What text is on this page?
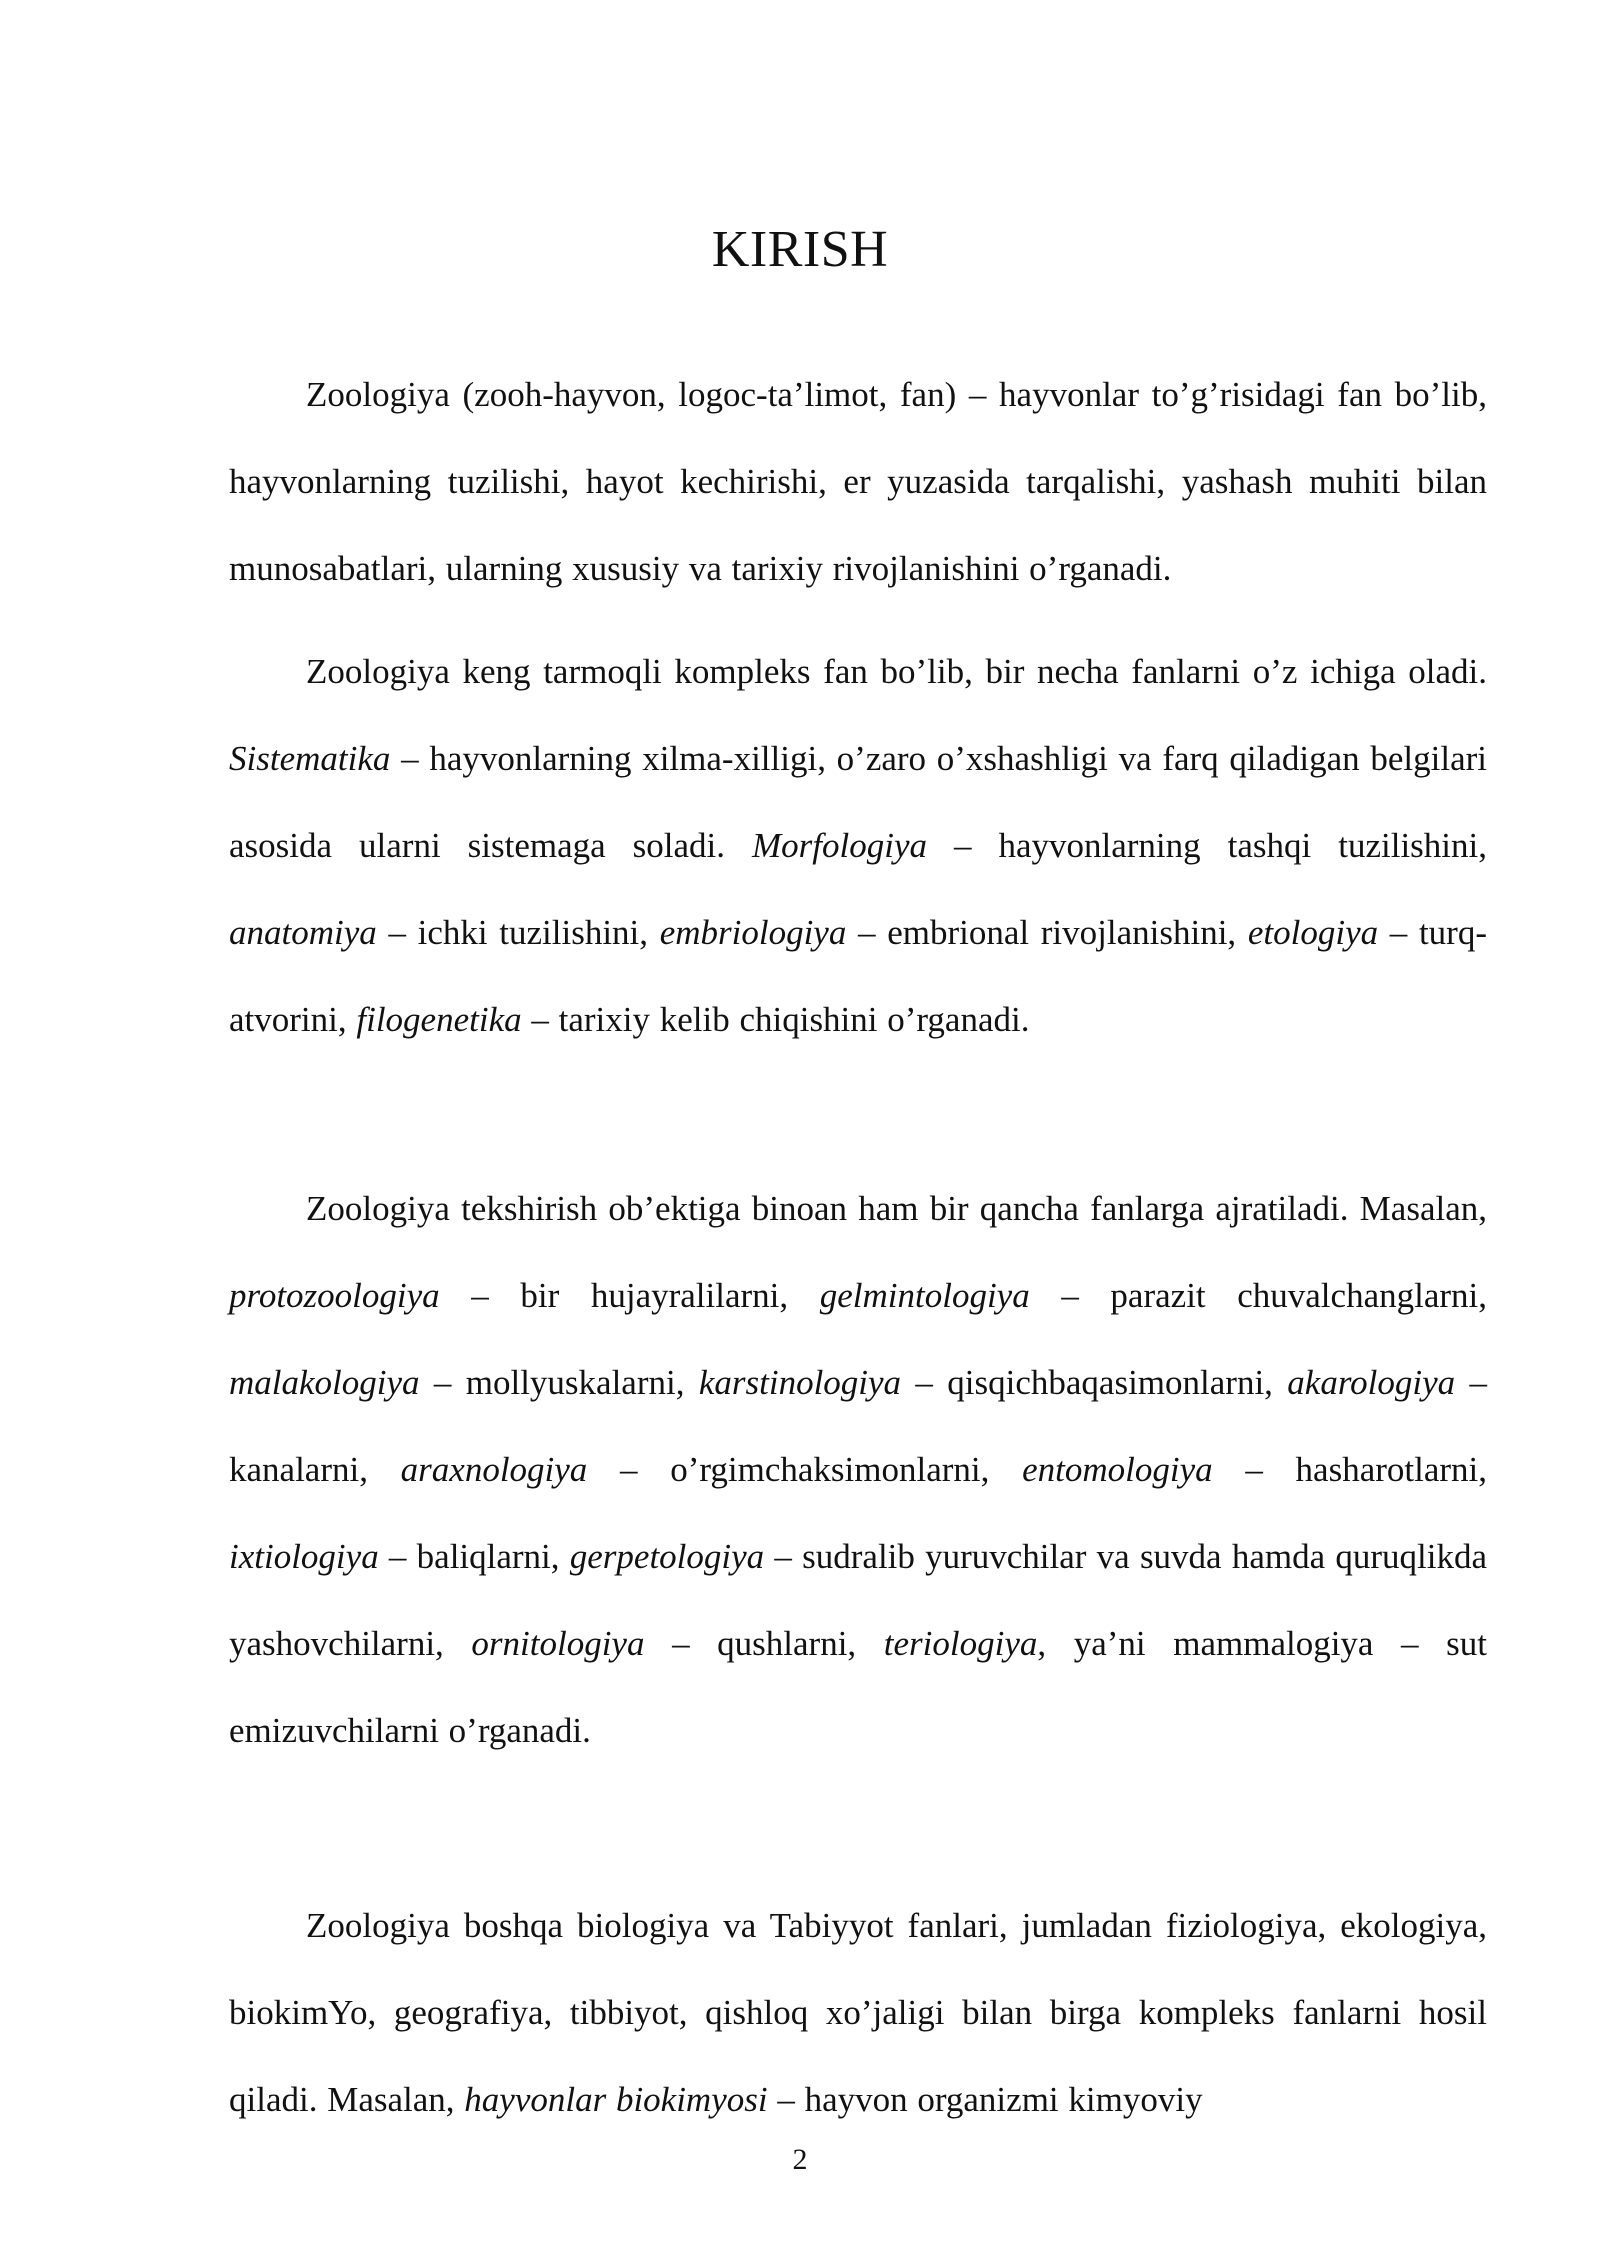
KIRISH

Zoologiya (zooh-hayvon, logoc-ta’limot, fan) – hayvonlar to’g’risidagi fan bo’lib, hayvonlarning tuzilishi, hayot kechirishi, er yuzasida tarqalishi, yashash muhiti bilan munosabatlari, ularning xususiy va tarixiy rivojlanishini o’rganadi.

Zoologiya keng tarmoqli kompleks fan bo’lib, bir necha fanlarni o’z ichiga oladi. Sistematika – hayvonlarning xilma-xilligi, o’zaro o’xshashligi va farq qiladigan belgilari asosida ularni sistemaga soladi. Morfologiya – hayvonlarning tashqi tuzilishini, anatomiya – ichki tuzilishini, embriologiya – embrional rivojlanishini, etologiya – turq-atvorini, filogenetika – tarixiy kelib chiqishini o’rganadi.

Zoologiya tekshirish ob’ektiga binoan ham bir qancha fanlarga ajratiladi. Masalan, protozoologiya – bir hujayralilarni, gelmintologiya – parazit chuvalchanglarni, malakologiya – mollyuskalarni, karstinologiya – qisqichbaqasimonlarni, akarologiya – kanalarni, araxnologiya – o’rgimchaksimonlarni, entomologiya – hasharotlarni, ixtiologiya – baliqlarni, gerpetologiya – sudralib yuruvchilar va suvda hamda quruqlikda yashovchilarni, ornitologiya – qushlarni, teriologiya, ya’ni mammalogiya – sut emizuvchilarni o’rganadi.

Zoologiya boshqa biologiya va Tabiyyot fanlari, jumladan fiziologiya, ekologiya, biokimYo, geografiya, tibbiyot, qishloq xo’jaligi bilan birga kompleks fanlarni hosil qiladi. Masalan, hayvonlar biokimyosi – hayvon organizmi kimyoviy

2
